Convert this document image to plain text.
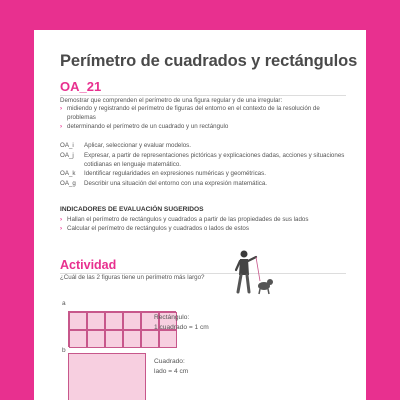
Perímetro de cuadrados y rectángulos
OA_21
Demostrar que comprenden el perímetro de una figura regular y de una irregular:
› midiendo y registrando el perímetro de figuras del entorno en el contexto de la resolución de problemas
› determinando el perímetro de un cuadrado y un rectángulo
OA_i Aplicar, seleccionar y evaluar modelos.
OA_j Expresar, a partir de representaciones pictóricas y explicaciones dadas, acciones y situaciones cotidianas en lenguaje matemático.
OA_k Identificar regularidades en expresiones numéricas y geométricas.
OA_g Describir una situación del entorno con una expresión matemática.
INDICADORES DE EVALUACIÓN SUGERIDOS
› Hallan el perímetro de rectángulos y cuadrados a partir de las propiedades de sus lados
› Calcular el perímetro de rectángulos y cuadrados o lados de estos
Actividad
¿Cuál de las 2 figuras tiene un perímetro más largo?
a
Rectángulo:
1 cuadrado = 1 cm
b
Cuadrado:
lado = 4 cm
